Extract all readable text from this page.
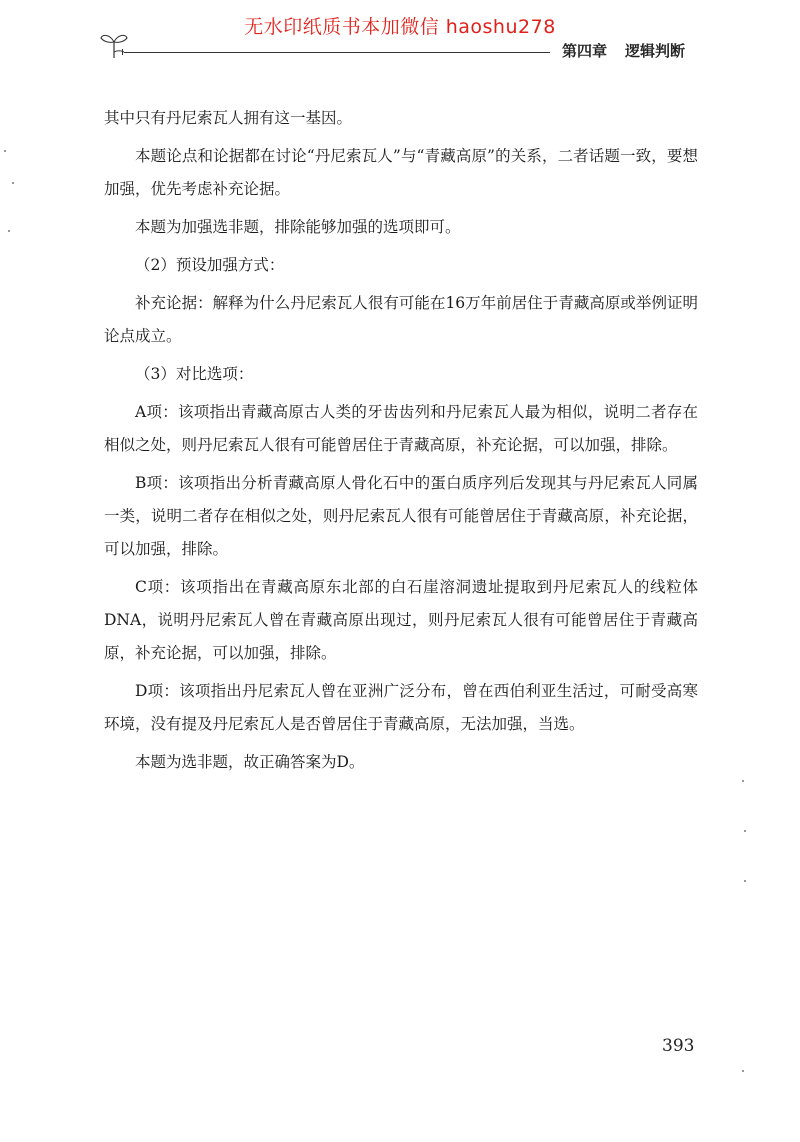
无水印纸质书本加微信 haoshu278
第四章 逻辑判断

其中只有丹尼索瓦人拥有这一基因。

本题论点和论据都在讨论“丹尼索瓦人”与“青藏高原”的关系，二者话题一致，要想加强，优先考虑补充论据。

本题为加强选非题，排除能够加强的选项即可。

（2）预设加强方式：

补充论据：解释为什么丹尼索瓦人很有可能在16万年前居住于青藏高原或举例证明论点成立。

（3）对比选项：

A项：该项指出青藏高原古人类的牙齿齿列和丹尼索瓦人最为相似，说明二者存在相似之处，则丹尼索瓦人很有可能曾居住于青藏高原，补充论据，可以加强，排除。

B项：该项指出分析青藏高原人骨化石中的蛋白质序列后发现其与丹尼索瓦人同属一类，说明二者存在相似之处，则丹尼索瓦人很有可能曾居住于青藏高原，补充论据，可以加强，排除。

C项：该项指出在青藏高原东北部的白石崖溶洞遗址提取到丹尼索瓦人的线粒体DNA，说明丹尼索瓦人曾在青藏高原出现过，则丹尼索瓦人很有可能曾居住于青藏高原，补充论据，可以加强，排除。

D项：该项指出丹尼索瓦人曾在亚洲广泛分布，曾在西伯利亚生活过，可耐受高寒环境，没有提及丹尼索瓦人是否曾居住于青藏高原，无法加强，当选。

本题为选非题，故正确答案为D。

393
